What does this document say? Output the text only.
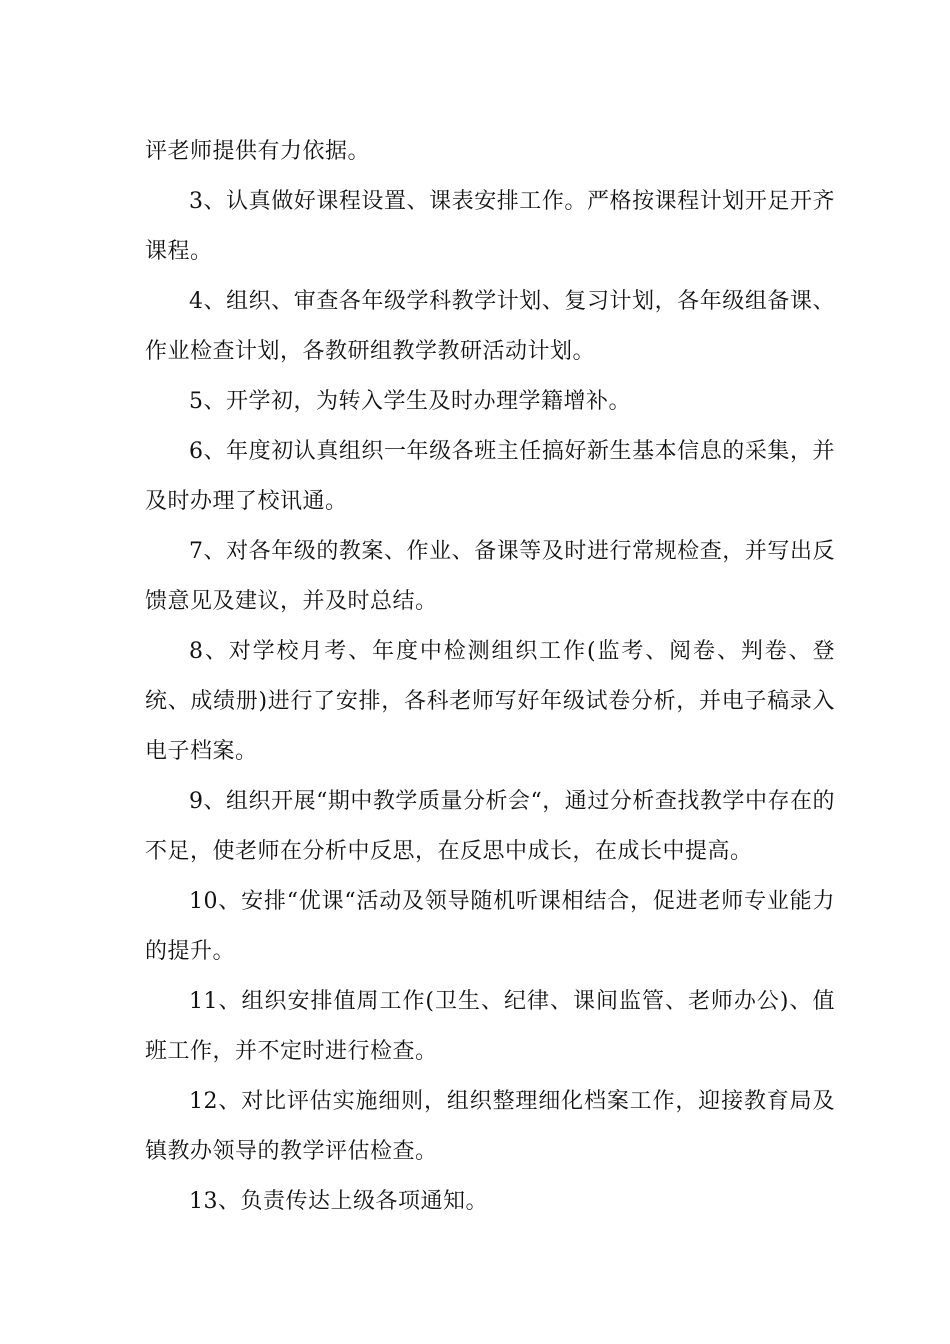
评老师提供有力依据。

3、认真做好课程设置、课表安排工作。严格按课程计划开足开齐课程。

4、组织、审查各年级学科教学计划、复习计划，各年级组备课、作业检查计划，各教研组教学教研活动计划。

5、开学初，为转入学生及时办理学籍增补。

6、年度初认真组织一年级各班主任搞好新生基本信息的采集，并及时办理了校讯通。

7、对各年级的教案、作业、备课等及时进行常规检查，并写出反馈意见及建议，并及时总结。

8、对学校月考、年度中检测组织工作(监考、阅卷、判卷、登统、成绩册)进行了安排，各科老师写好年级试卷分析，并电子稿录入电子档案。

9、组织开展“期中教学质量分析会“，通过分析查找教学中存在的不足，使老师在分析中反思，在反思中成长，在成长中提高。

10、安排“优课“活动及领导随机听课相结合，促进老师专业能力的提升。

11、组织安排值周工作(卫生、纪律、课间监管、老师办公)、值班工作，并不定时进行检查。

12、对比评估实施细则，组织整理细化档案工作，迎接教育局及镇教办领导的教学评估检查。

13、负责传达上级各项通知。
